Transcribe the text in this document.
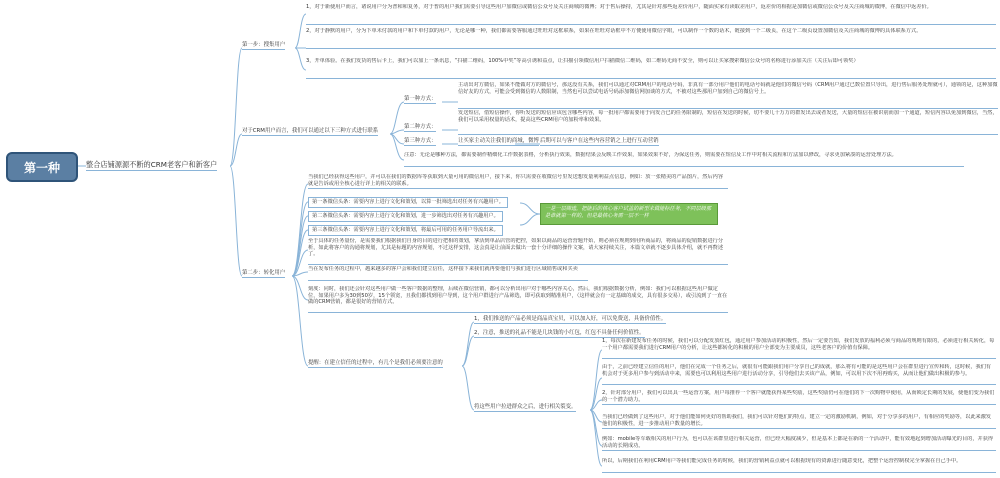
第一种	整合店铺源源不断的CRM老客户和新客户
第一步：搜集用户
1，对于新使用户而言，诸说用户分为普和和复务，对于普的用户我们需要引导这些用户加微信或微信公众号及关注商城的微博；对于售后操持，尤其是针对那些返差价用户，随面实家有读取差用户，返差价的相据是加微信或微信公众号及关注商城的微博，在微信中返差价。
2，对于静默的用户，分为下单未付款的用户和下单付款的用户，无论是哪一种，我们都需要客服通过旺旺对这框联系，如果在旺旺对话框中不方便使用微信字眼，可以制作一个数的话术，链接到一个二级页，在这个二级页设置加微信及关注商城的微博的具体联系方式。
3，开单体验。在我们发货的售后卡上，我们可以加上一条讯息，“扫描二维码，100%中奖”等高引诱和益点，让扫描引领微信用户扫描微信二维码，如二维码无商不安全，则可以让买家搜索微信公众号的名称进行添加关注（关注后即可领奖）
对于CRM用户而言，我们可以通过以下三种方式进行联系
第一种方式：
主动出对方微信，如果不能做对方的微信号，那这没有关系，我们可以通过对CRM用户的电话号码，非真有一部分用户他们的电话号码就是他们的微信号码（CRM用户通过已数位置只导出，进行售后服务处理就可），通领的是，这种加微信好友的方式，可能会受到微信的人数限制，当然也可以尝试电话号码添加微信网加谈的方式，不被对这些那用户加到自己的微信号上。
第二种方式：
发送短信，借短信操作，你听发送的短信应该包含哪些内容，每一批用户都需要用于向发合已的任务限制的，短信在发送的时候，切不要几十万万的群发出去或者发送，大量的短信在被识别而加一个通道，短信内容以免加到微信，当然，我们可以采用权量的话术，提高这些CRM用户的加粉率和效果。
第三种方式：	让买家主动关注我们的商城，微博 后期可以与客户在这些内容营销之上进行互动营销
注意：无论是哪种方法，都需要制作精细化工作数据表格，分析执行效果，数据结果会反映工作效果，如果效果不好，为保这任务，则需要在短信及工作中对相关流程和方法加以修改，寻求更加紧凑的运营处理方法。
第二步：转化用户
当我们已经获得这些用户，并可以在我们的数据库等获取到大量可用的微信用户，接下来，你只需要在收微信号里发送想发量利利益点信息，例如：放一张精美的产品图片，然后内容就是告诉或用全核心进行详上的相关的联系。
第一条微信头条：需要内容上进行文化和策划，以算一批筛选出对任务有兴趣用户。
第二条微信头条：需要内容上进行文化和策划，进一步筛选出对任务有兴趣用户。
第三条微信头条：需要内容上进行文化和策划，将最后可用的任务用户导流出来。
一是一层筛选，把能后的核心客户试盖的新型未做能标任务，不同层级那是谁就第一样的，但是最核心务需一层不一样
至于具体的任务量份，是需要我们根据我们自身的目的进行把相的策划，拿活到单品店管的把控，如果以商品的运营营题开始，则必须在规则到用所商品的，将商品的促销数据进行分析，如此将客户的沟通将规划，尤其是标题的内容规划，不过这样安排，这会真是让前面去做出一套十分详细的操作文案，请大家持续关注，本篇文章就不逐步具体介绍，就不再赘述了。
当在发布任务的过程中，越来越多的客户会和我们建立信任，这样接下来我们就再要他们与我们进行区域销售或和买卖
刻度：同时，我们还会针对这些用户做一些客户数据的整理，后续在微信营销，都可以分析出用户对于哪些内容关心，然后，我们根据数据分析，例如：我们可以根据这些用户做定位，如果用户多为30到50岁，15个领宽，且我们都找到用户导到，这个用户群进行产品筛选，即可获取到精准用户，（这样就会有一定基础的成交，具有很多交易），或引流到了一直在做的CRM营销，都是很好的营销方式。
提醒：在建立信任的过程中，有几个是我们必须要注意的
1，我们推送的产品必须是商品真宝贝，可以加入好，可以免费送，具备价值性。
2，注意，推送的礼品不能是几块钱的小红包，红包不具备任何价值性。
将这些用户拉进群众之后，进行相关裂变。
1，每次在新建发布任务的时候，我们可以分配发放红包，通过用户参加活动的积极性，然后一定要告知，我们发放的福利必须与商品的规则有限的，必须进行相关转化，每一个用户都需要我们进行CRM用户的分析，让这些都转化的积极的用户全部变为主要成员，这些老客户的价值有保障。
由于，之前已经建立信任的用户，他们在完成一个任务之后，就很有可能跟我们用户分享自己的成就，那么将有可能的是这些用户会在群里进行宣传和转，这时候，我们有机会对于更多用户参与到活动中来，需要也可以利用这些用户进行活动分享，引导他们去买该产品，例如，可以用下次不用再购买，从而让他们做出积极的参与。
2，针对部分用户，我们可以出具一些运营方案，用户每推荐一个客户就能获得某些奖励，这些奖励仍可在他们的下一次购物中使用，从而锁定长期的发展，使他们变为我们的一个潜力助力。
当我们已经做到了这些用户，对于他们能如何更好的帮助我们，我们可以针对他们的特点，建立一定的激励机制，例如，对于分享多的用户，有相应的奖励等，以此来激发他们的积极性，进一步推动用户数量的增长。
例如：mobile等车载相关的用户行为，也可以在该群里进行相关运营，但已经大幅度减少，但是基本上都是在新的一个活动中，能有效地起到增加活动曝光的目的，并获得活动的长期成功。
所以，后期我们在利用CRM用户等我们能完成任务的时候，我们的营销利益点就可以根据现有的资源进行随意变化，把整个运营控制权完全掌握在自己手中。
